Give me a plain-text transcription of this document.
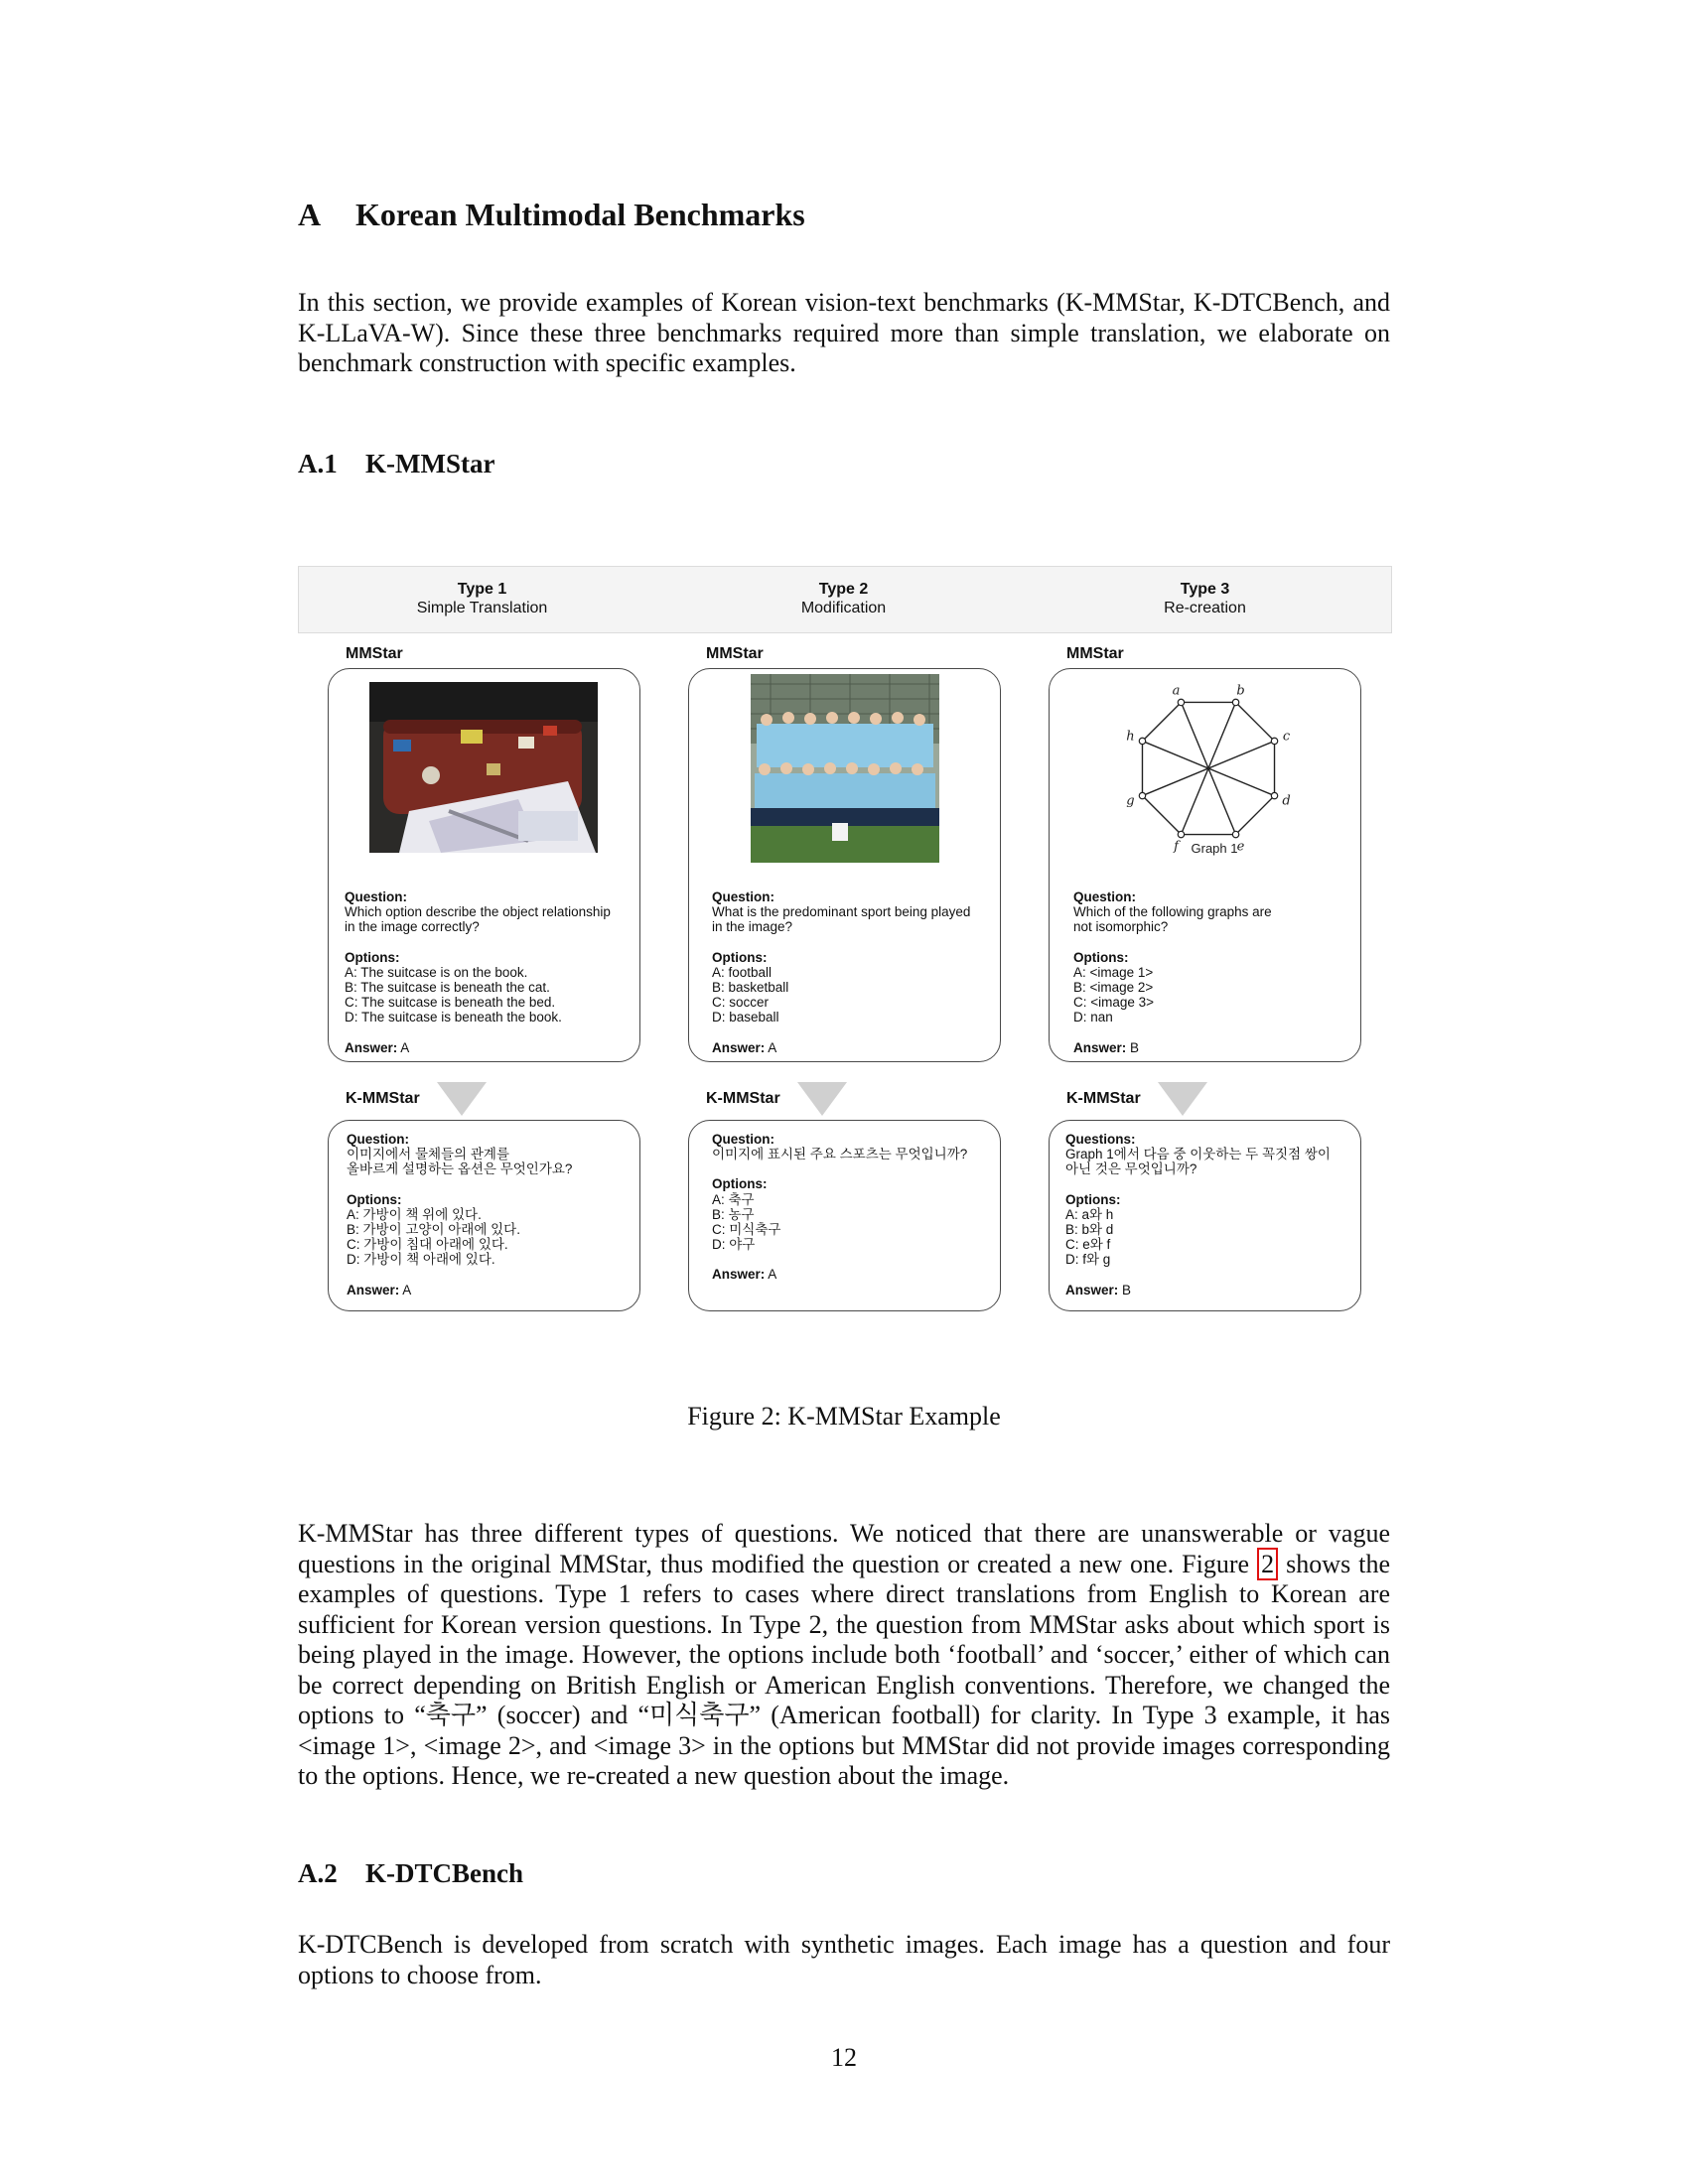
A Korean Multimodal Benchmarks
In this section, we provide examples of Korean vision-text benchmarks (K-MMStar, K-DTCBench, and K-LLaVA-W). Since these three benchmarks required more than simple translation, we elaborate on benchmark construction with specific examples.
A.1 K-MMStar
Type 1
Simple Translation
Type 2
Modification
Type 3
Re-creation
MMStar
Question:
Which option describe the object relationship
in the image correctly?
Options:
A: The suitcase is on the book.
B: The suitcase is beneath the cat.
C: The suitcase is beneath the bed.
D: The suitcase is beneath the book.
Answer: A
K-MMStar
Question:
이미지에서 물체들의 관계를
올바르게 설명하는 옵션은 무엇인가요?
Options:
A: 가방이 책 위에 있다.
B: 가방이 고양이 아래에 있다.
C: 가방이 침대 아래에 있다.
D: 가방이 책 아래에 있다.
Answer: A
MMStar
Question:
What is the predominant sport being played
in the image?
Options:
A: football
B: basketball
C: soccer
D: baseball
Answer: A
K-MMStar
Question:
이미지에 표시된 주요 스포츠는 무엇입니까?
Options:
A: 축구
B: 농구
C: 미식축구
D: 야구
Answer: A
MMStar
a	b
c
d
e
f
g
h
Graph 1
Question:
Which of the following graphs are
not isomorphic?
Options:
A: <image 1>
B: <image 2>
C: <image 3>
D: nan
Answer: B
K-MMStar
Questions:
Graph 1에서 다음 중 이웃하는 두 꼭짓점 쌍이
아닌 것은 무엇입니까?
Options:
A: a와 h
B: b와 d
C: e와 f
D: f와 g
Answer: B
Figure 2: K-MMStar Example
K-MMStar has three different types of questions. We noticed that there are unanswerable or vague questions in the original MMStar, thus modified the question or created a new one. Figure 2 shows the examples of questions. Type 1 refers to cases where direct translations from English to Korean are sufficient for Korean version questions. In Type 2, the question from MMStar asks about which sport is being played in the image. However, the options include both ‘football’ and ‘soccer,’ either of which can be correct depending on British English or American English conventions. Therefore, we changed the options to “축구” (soccer) and “미식축구” (American football) for clarity. In Type 3 example, it has <image 1>, <image 2>, and <image 3> in the options but MMStar did not provide images corresponding to the options. Hence, we re-created a new question about the image.
A.2 K-DTCBench
K-DTCBench is developed from scratch with synthetic images. Each image has a question and four options to choose from.
12
